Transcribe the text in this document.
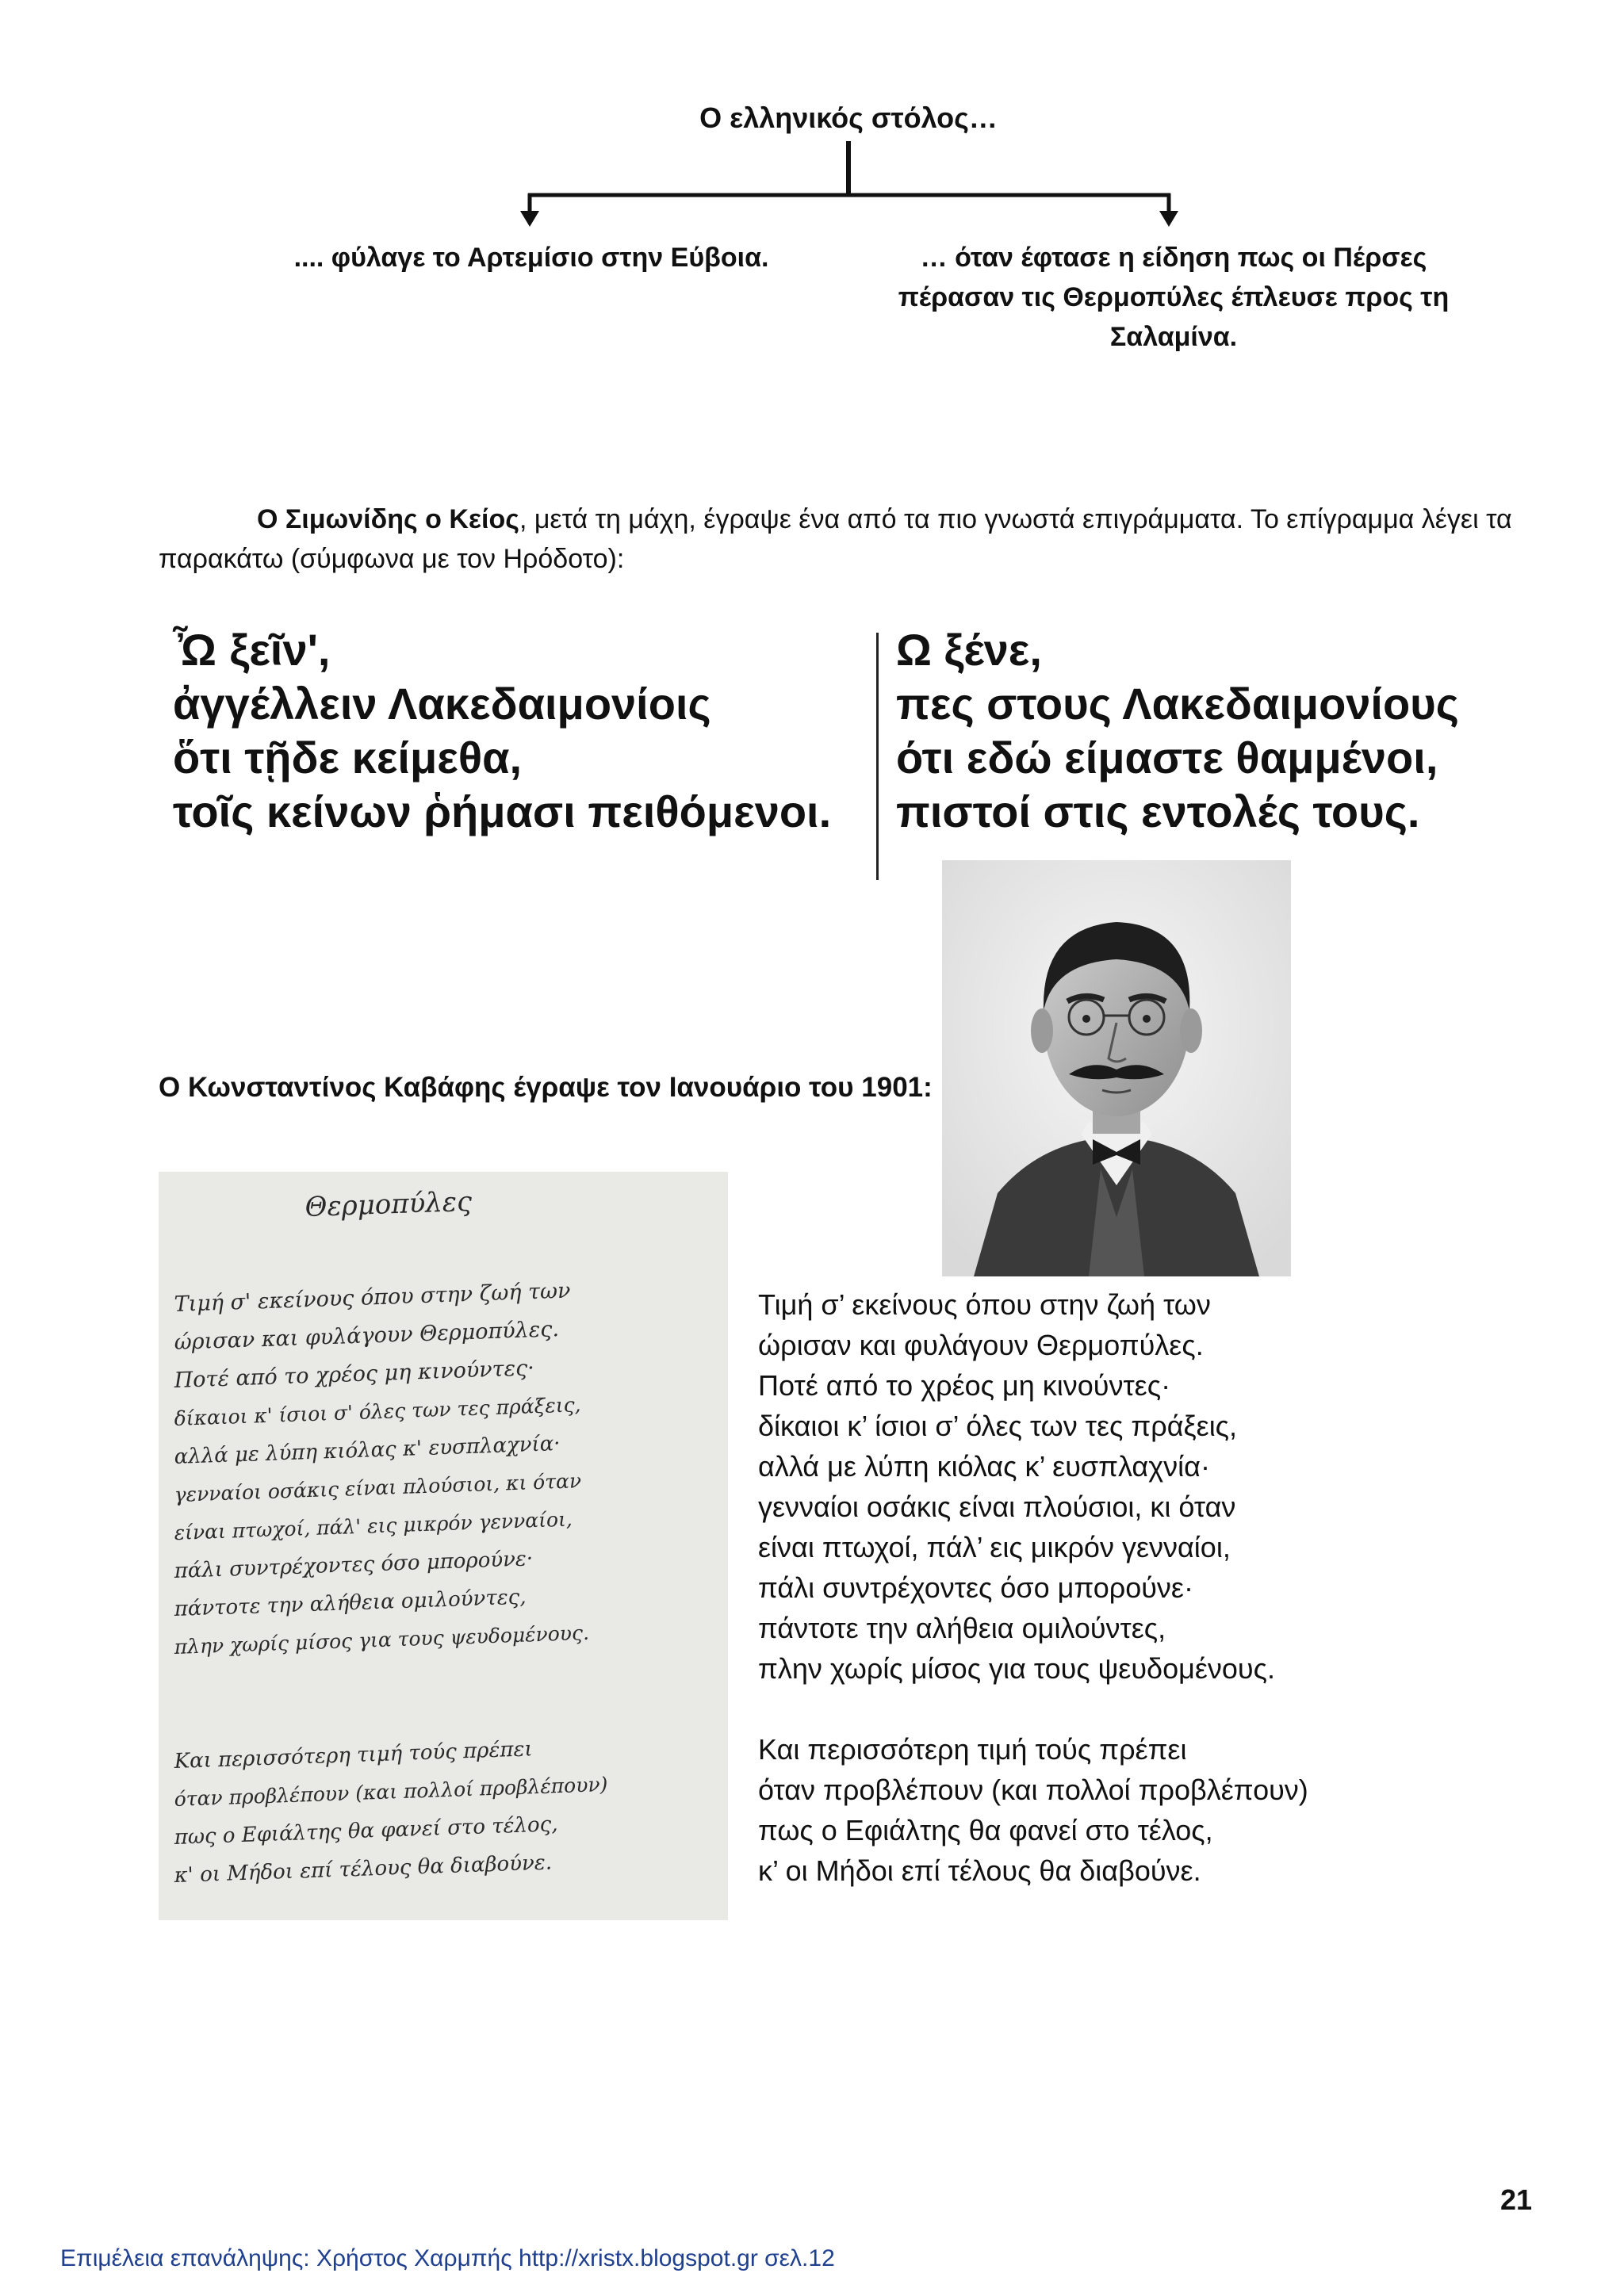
Ο ελληνικός στόλος…
.... φύλαγε το Αρτεμίσιο στην Εύβοια.	… όταν έφτασε η είδηση πως οι Πέρσες
πέρασαν τις Θερμοπύλες έπλευσε προς τη
Σαλαμίνα.
Ο Σιμωνίδης ο Κείος, μετά τη μάχη, έγραψε ένα από τα πιο γνωστά επιγράμματα. Το επίγραμμα λέγει τα παρακάτω (σύμφωνα με τον Ηρόδοτο):
Ὦ ξεῖν',
ἀγγέλλειν Λακεδαιμονίοις
ὅτι τῇδε κείμεθα,
τοῖς κείνων ῥήμασι πειθόμενοι.
Ω ξένε,
πες στους Λακεδαιμονίους
ότι εδώ είμαστε θαμμένοι,
πιστοί στις εντολές τους.
Ο Κωνσταντίνος Καβάφης έγραψε τον Ιανουάριο του 1901:
Θερμοπύλες
Τιμή σ' εκείνους όπου στην ζωή των
ώρισαν και φυλάγουν Θερμοπύλες.
Ποτέ από το χρέος μη κινούντες·
δίκαιοι κ' ίσιοι σ' όλες των τες πράξεις,
αλλά με λύπη κιόλας κ' ευσπλαχνία·
γενναίοι οσάκις είναι πλούσιοι, κι όταν
είναι πτωχοί, πάλ' εις μικρόν γενναίοι,
πάλι συντρέχοντες όσο μπορούνε·
πάντοτε την αλήθεια ομιλούντες,
πλην χωρίς μίσος για τους ψευδομένους.
Και περισσότερη τιμή τούς πρέπει
όταν προβλέπουν (και πολλοί προβλέπουν)
πως ο Εφιάλτης θα φανεί στο τέλος,
κ' οι Μήδοι επί τέλους θα διαβούνε.
Τιμή σ’ εκείνους όπου στην ζωή των
ώρισαν και φυλάγουν Θερμοπύλες.
Ποτέ από το χρέος μη κινούντες·
δίκαιοι κ’ ίσιοι σ’ όλες των τες πράξεις,
αλλά με λύπη κιόλας κ’ ευσπλαχνία·
γενναίοι οσάκις είναι πλούσιοι, κι όταν
είναι πτωχοί, πάλ’ εις μικρόν γενναίοι,
πάλι συντρέχοντες όσο μπορούνε·
πάντοτε την αλήθεια ομιλούντες,
πλην χωρίς μίσος για τους ψευδομένους.
Και περισσότερη τιμή τούς πρέπει
όταν προβλέπουν (και πολλοί προβλέπουν)
πως ο Εφιάλτης θα φανεί στο τέλος,
κ’ οι Μήδοι επί τέλους θα διαβούνε.
21
Επιμέλεια επανάληψης: Χρήστος Χαρμπής http://xristx.blogspot.gr σελ.12
